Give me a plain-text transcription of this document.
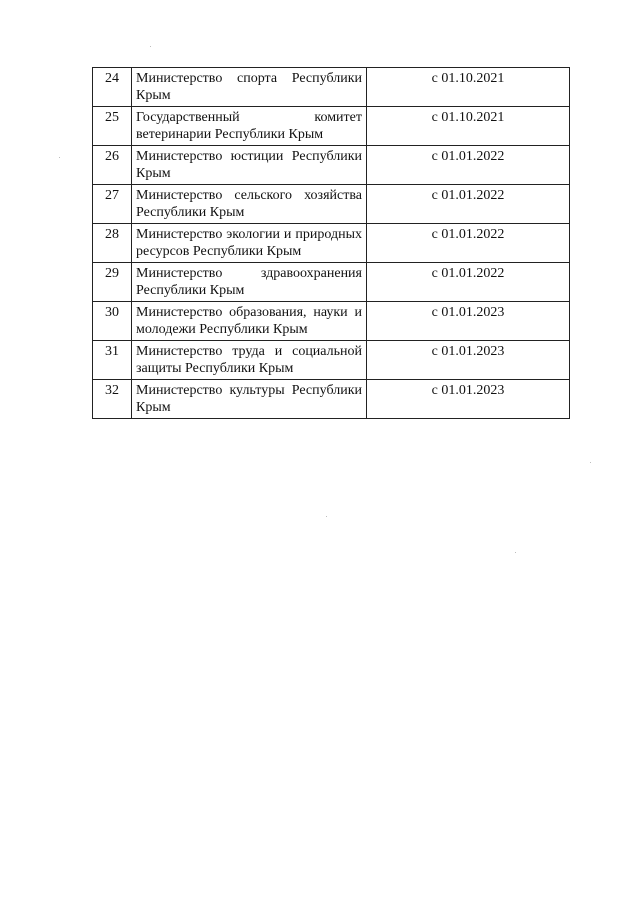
24	Министерство спорта Республики Крым	с 01.10.2021
25	Государственный комитет ветеринарии Республики Крым	с 01.10.2021
26	Министерство юстиции Республики Крым	с 01.01.2022
27	Министерство сельского хозяйства Республики Крым	с 01.01.2022
28	Министерство экологии и природных ресурсов Республики Крым	с 01.01.2022
29	Министерство здравоохранения Республики Крым	с 01.01.2022
30	Министерство образования, науки и молодежи Республики Крым	с 01.01.2023
31	Министерство труда и социальной защиты Республики Крым	с 01.01.2023
32	Министерство культуры Республики Крым	с 01.01.2023
